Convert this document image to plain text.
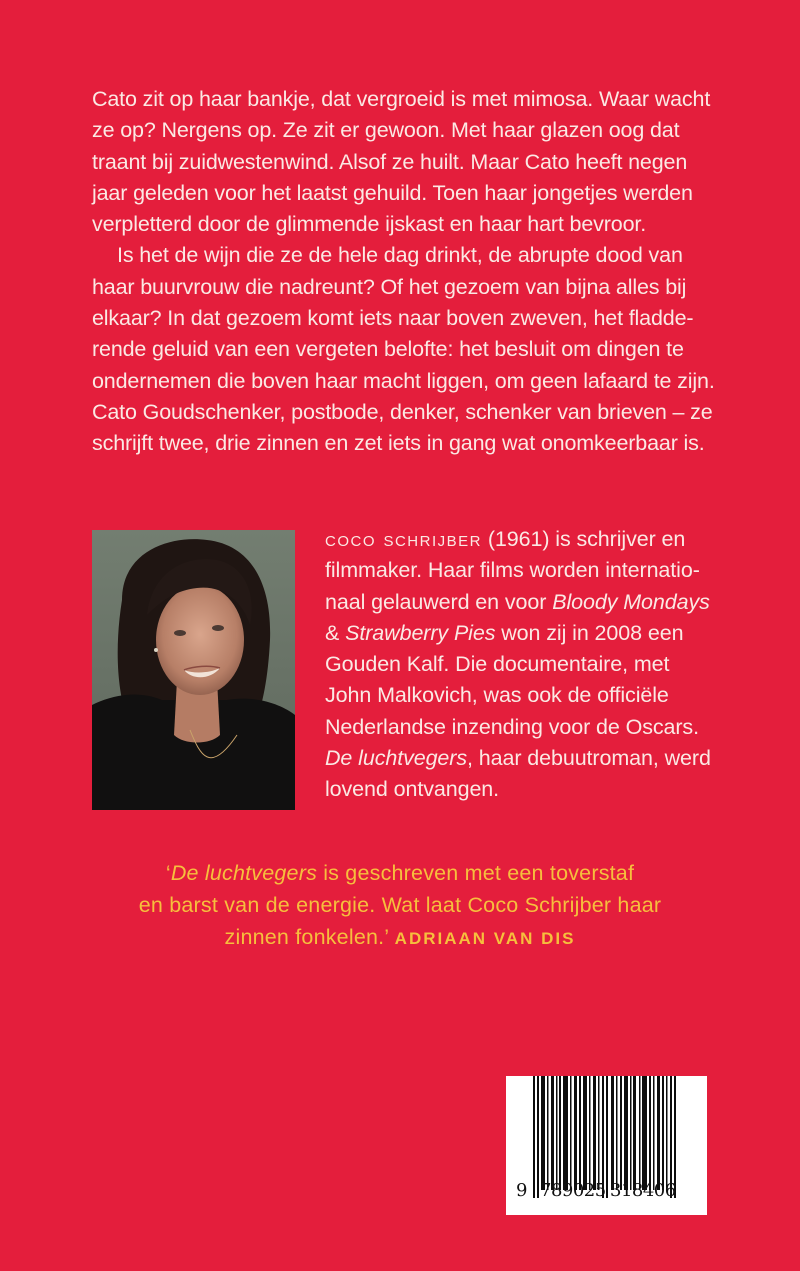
Cato zit op haar bankje, dat vergroeid is met mimosa. Waar wacht
ze op? Nergens op. Ze zit er gewoon. Met haar glazen oog dat
traant bij zuidwestenwind. Alsof ze huilt. Maar Cato heeft negen
jaar geleden voor het laatst gehuild. Toen haar jongetjes werden
verpletterd door de glimmende ijskast en haar hart bevroor.

Is het de wijn die ze de hele dag drinkt, de abrupte dood van
haar buurvrouw die nadreunt? Of het gezoem van bijna alles bij
elkaar? In dat gezoem komt iets naar boven zweven, het fladde-
rende geluid van een vergeten belofte: het besluit om dingen te
ondernemen die boven haar macht liggen, om geen lafaard te zijn.
Cato Goudschenker, postbode, denker, schenker van brieven – ze
schrijft twee, drie zinnen en zet iets in gang wat onomkeerbaar is.

coco schrijber (1961) is schrijver en
filmmaker. Haar films worden internatio-
naal gelauwerd en voor Bloody Mondays
& Strawberry Pies won zij in 2008 een
Gouden Kalf. Die documentaire, met
John Malkovich, was ook de officiële
Nederlandse inzending voor de Oscars.
De luchtvegers, haar debuutroman, werd
lovend ontvangen.
‘De luchtvegers is geschreven met een toverstaf
en barst van de energie. Wat laat Coco Schrijber haar
zinnen fonkelen.’ ADRIAAN VAN DIS
9 789025 318406
